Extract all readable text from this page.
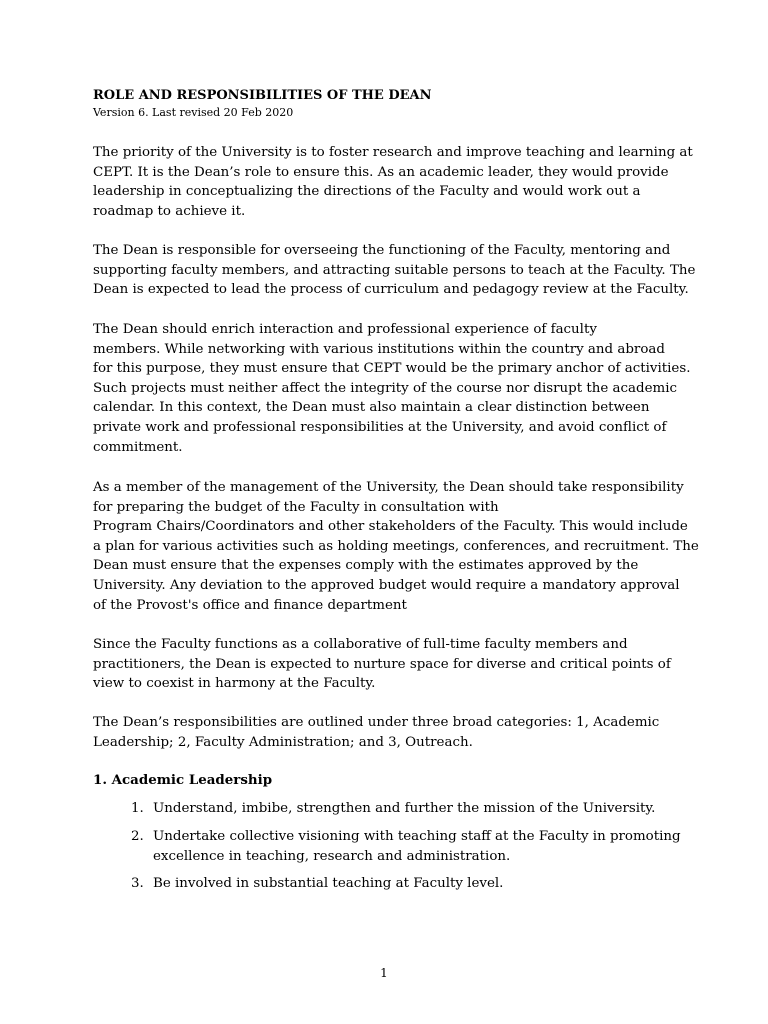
ROLE AND RESPONSIBILITIES OF THE DEAN
Version 6. Last revised 20 Feb 2020
The priority of the University is to foster research and improve teaching and learning at
CEPT. It is the Dean’s role to ensure this. As an academic leader, they would provide
leadership in conceptualizing the directions of the Faculty and would work out a
roadmap to achieve it.
The Dean is responsible for overseeing the functioning of the Faculty, mentoring and
supporting faculty members, and attracting suitable persons to teach at the Faculty. The
Dean is expected to lead the process of curriculum and pedagogy review at the Faculty.
The Dean should enrich interaction and professional experience of faculty
members. While networking with various institutions within the country and abroad
for this purpose, they must ensure that CEPT would be the primary anchor of activities.
Such projects must neither affect the integrity of the course nor disrupt the academic
calendar. In this context, the Dean must also maintain a clear distinction between
private work and professional responsibilities at the University, and avoid conflict of
commitment.
As a member of the management of the University, the Dean should take responsibility
for preparing the budget of the Faculty in consultation with
Program Chairs/Coordinators and other stakeholders of the Faculty. This would include
a plan for various activities such as holding meetings, conferences, and recruitment. The
Dean must ensure that the expenses comply with the estimates approved by the
University. Any deviation to the approved budget would require a mandatory approval
of the Provost's office and finance department
Since the Faculty functions as a collaborative of full-time faculty members and
practitioners, the Dean is expected to nurture space for diverse and critical points of
view to coexist in harmony at the Faculty.
The Dean’s responsibilities are outlined under three broad categories: 1, Academic
Leadership; 2, Faculty Administration; and 3, Outreach.
1. Academic Leadership
1. Understand, imbibe, strengthen and further the mission of the University.
2. Undertake collective visioning with teaching staff at the Faculty in promoting
excellence in teaching, research and administration.
3. Be involved in substantial teaching at Faculty level.
1
